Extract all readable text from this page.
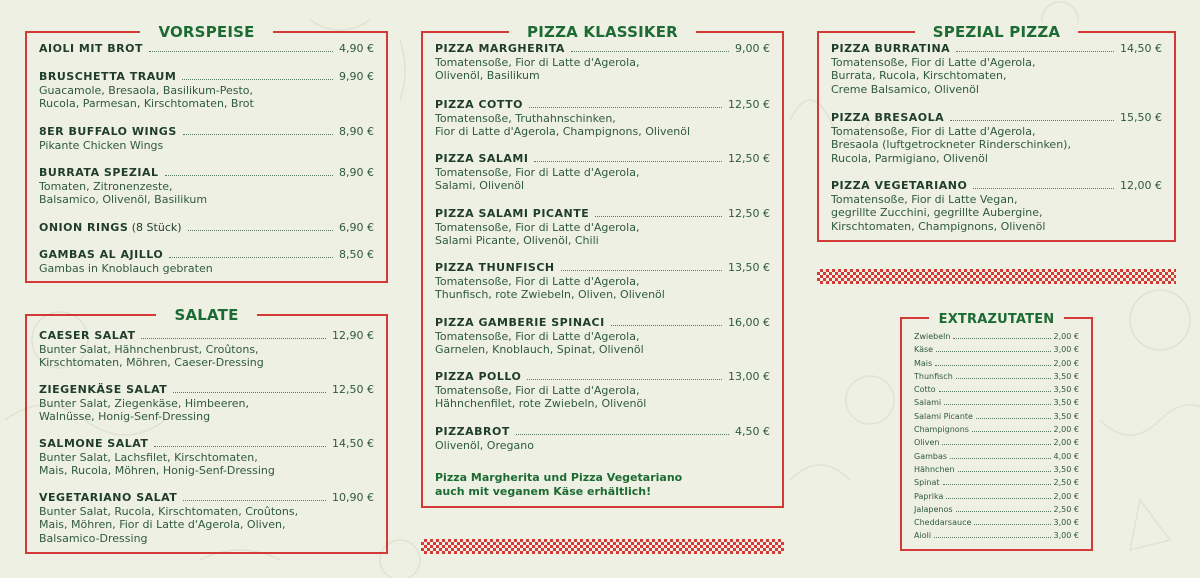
VORSPEISE
AIOLI MIT BROT	4,90 €
BRUSCHETTA TRAUM	9,90 €
Guacamole, Bresaola, Basilikum-Pesto,
Rucola, Parmesan, Kirschtomaten, Brot
8ER BUFFALO WINGS	8,90 €
Pikante Chicken Wings
BURRATA SPEZIAL	8,90 €
Tomaten, Zitronenzeste,
Balsamico, Olivenöl, Basilikum
ONION RINGS (8 Stück)	6,90 €
GAMBAS AL AJILLO	8,50 €
Gambas in Knoblauch gebraten
SALATE
CAESER SALAT	12,90 €
Bunter Salat, Hähnchenbrust, Croûtons,
Kirschtomaten, Möhren, Caeser-Dressing
ZIEGENKÄSE SALAT	12,50 €
Bunter Salat, Ziegenkäse, Himbeeren,
Walnüsse, Honig-Senf-Dressing
SALMONE SALAT	14,50 €
Bunter Salat, Lachsfilet, Kirschtomaten,
Mais, Rucola, Möhren, Honig-Senf-Dressing
VEGETARIANO SALAT	10,90 €
Bunter Salat, Rucola, Kirschtomaten, Croûtons,
Mais, Möhren, Fior di Latte d'Agerola, Oliven,
Balsamico-Dressing
PIZZA KLASSIKER
PIZZA MARGHERITA	9,00 €
Tomatensoße, Fior di Latte d'Agerola,
Olivenöl, Basilikum
PIZZA COTTO	12,50 €
Tomatensoße, Truthahnschinken,
Fior di Latte d'Agerola, Champignons, Olivenöl
PIZZA SALAMI	12,50 €
Tomatensoße, Fior di Latte d'Agerola,
Salami, Olivenöl
PIZZA SALAMI PICANTE	12,50 €
Tomatensoße, Fior di Latte d'Agerola,
Salami Picante, Olivenöl, Chili
PIZZA THUNFISCH	13,50 €
Tomatensoße, Fior di Latte d'Agerola,
Thunfisch, rote Zwiebeln, Oliven, Olivenöl
PIZZA GAMBERIE SPINACI	16,00 €
Tomatensoße, Fior di Latte d'Agerola,
Garnelen, Knoblauch, Spinat, Olivenöl
PIZZA POLLO	13,00 €
Tomatensoße, Fior di Latte d'Agerola,
Hähnchenfilet, rote Zwiebeln, Olivenöl
PIZZABROT	4,50 €
Olivenöl, Oregano
Pizza Margherita und Pizza Vegetariano
auch mit veganem Käse erhältlich!
SPEZIAL PIZZA
PIZZA BURRATINA	14,50 €
Tomatensoße, Fior di Latte d'Agerola,
Burrata, Rucola, Kirschtomaten,
Creme Balsamico, Olivenöl
PIZZA BRESAOLA	15,50 €
Tomatensoße, Fior di Latte d'Agerola,
Bresaola (luftgetrockneter Rinderschinken),
Rucola, Parmigiano, Olivenöl
PIZZA VEGETARIANO	12,00 €
Tomatensoße, Fior di Latte Vegan,
gegrillte Zucchini, gegrillte Aubergine,
Kirschtomaten, Champignons, Olivenöl
EXTRAZUTATEN
Zwiebeln	2,00 €
Käse	3,00 €
Mais	2,00 €
Thunfisch	3,50 €
Cotto	3,50 €
Salami	3,50 €
Salami Picante	3,50 €
Champignons	2,00 €
Oliven	2,00 €
Gambas	4,00 €
Hähnchen	3,50 €
Spinat	2,50 €
Paprika	2,00 €
Jalapenos	2,50 €
Cheddarsauce	3,00 €
Aioli	3,00 €
